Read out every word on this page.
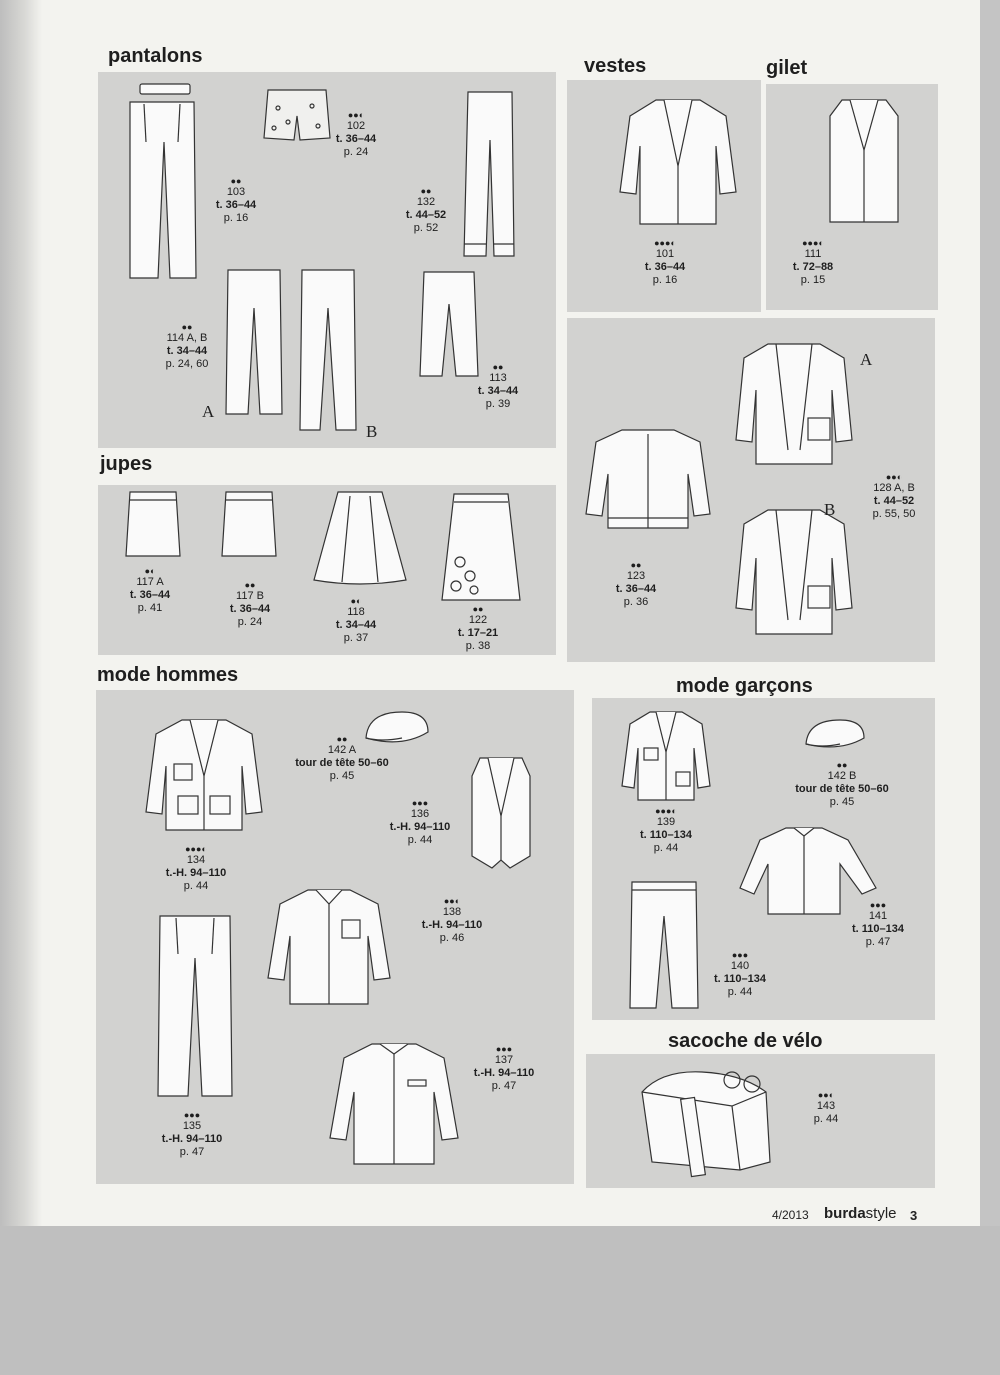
pantalons	vestes	gilet
jupes
mode hommes	mode garçons
sacoche de vélo
●●◐
102
t. 36–44
p. 24
●●
103
t. 36–44
p. 16
●●
132
t. 44–52
p. 52
●●
114 A, B
t. 34–44
p. 24, 60	●●
113
t. 34–44
p. 39
A
B
●●●◐
101
t. 36–44
p. 16
●●●◐
111
t. 72–88
p. 15
A
B
●●◐
128 A, B
t. 44–52
p. 55, 50
●●
123
t. 36–44
p. 36
●◐
117 A
t. 36–44
p. 41
●●
117 B
t. 36–44
p. 24
●◐
118
t. 34–44
p. 37
●●
122
t. 17–21
p. 38
●●
142 A
tour de tête 50–60
p. 45
●●●
136
t.-H. 94–110
p. 44
●●●◐
134
t.-H. 94–110
p. 44
●●◐
138
t.-H. 94–110
p. 46
●●●
137
t.-H. 94–110
p. 47
●●●
135
t.-H. 94–110
p. 47
●●
142 B
tour de tête 50–60
p. 45
●●●◐
139
t. 110–134
p. 44
●●●
141
t. 110–134
p. 47
●●●
140
t. 110–134
p. 44
●●◐
143
p. 44
4/2013 burdastyle 3
